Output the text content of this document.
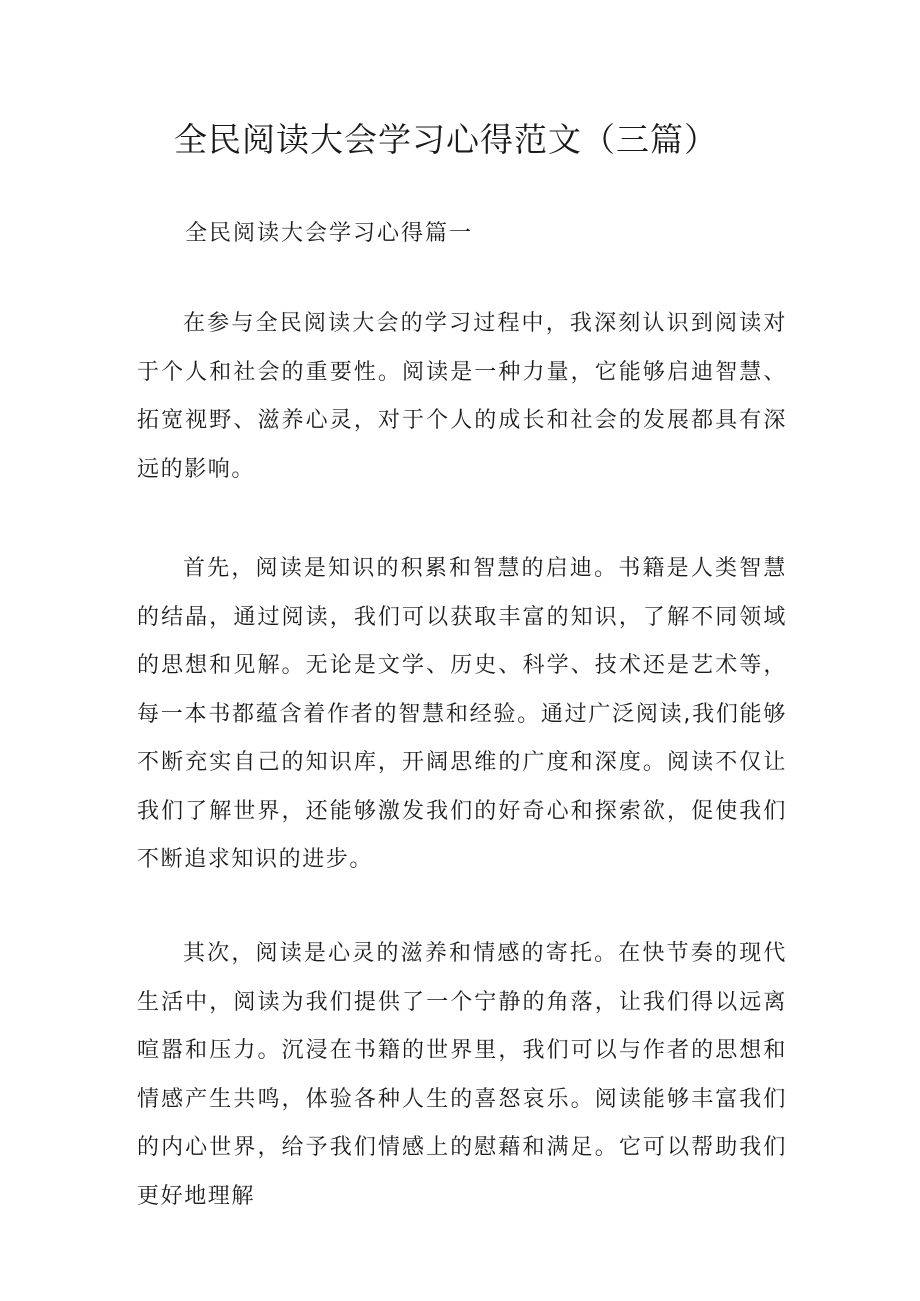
全民阅读大会学习心得范文（三篇）
全民阅读大会学习心得篇一

在参与全民阅读大会的学习过程中，我深刻认识到阅读对于个人和社会的重要性。阅读是一种力量，它能够启迪智慧、拓宽视野、滋养心灵，对于个人的成长和社会的发展都具有深远的影响。

首先，阅读是知识的积累和智慧的启迪。书籍是人类智慧的结晶，通过阅读，我们可以获取丰富的知识，了解不同领域的思想和见解。无论是文学、历史、科学、技术还是艺术等，每一本书都蕴含着作者的智慧和经验。通过广泛阅读,我们能够不断充实自己的知识库，开阔思维的广度和深度。阅读不仅让我们了解世界，还能够激发我们的好奇心和探索欲，促使我们不断追求知识的进步。

其次，阅读是心灵的滋养和情感的寄托。在快节奏的现代生活中，阅读为我们提供了一个宁静的角落，让我们得以远离喧嚣和压力。沉浸在书籍的世界里，我们可以与作者的思想和情感产生共鸣，体验各种人生的喜怒哀乐。阅读能够丰富我们的内心世界，给予我们情感上的慰藉和满足。它可以帮助我们更好地理解
